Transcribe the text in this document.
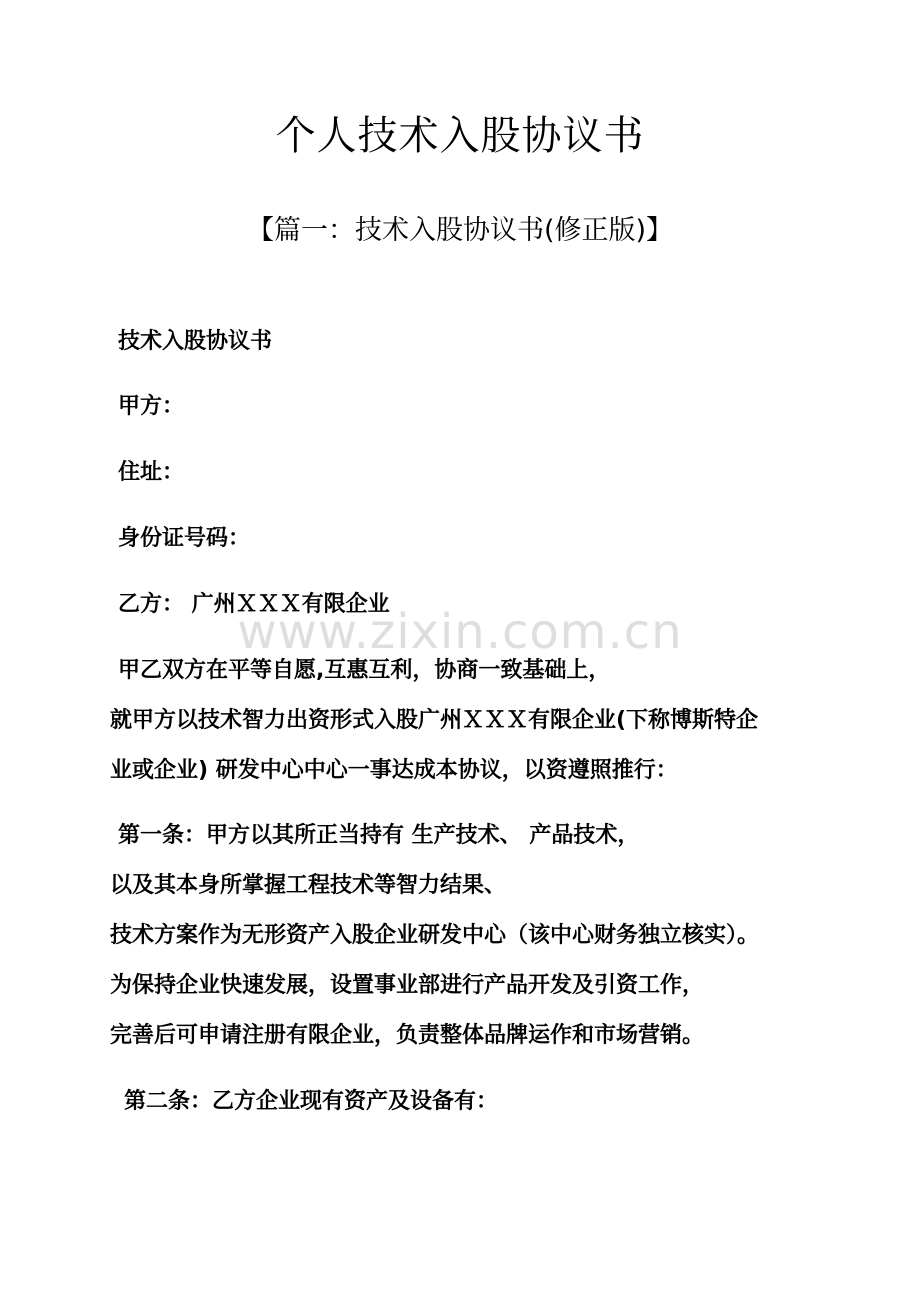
个人技术入股协议书
【篇一：技术入股协议书(修正版)】
技术入股协议书
甲方：
住址：
身份证号码：
乙方： 广州ＸＸＸ有限企业
甲乙双方在平等自愿,互惠互利，协商一致基础上，
就甲方以技术智力出资形式入股广州ＸＸＸ有限企业(下称博斯特企
业或企业) 研发中心中心一事达成本协议，以资遵照推行：
第一条：甲方以其所正当持有 生产技术、 产品技术，
以及其本身所掌握工程技术等智力结果、
技术方案作为无形资产入股企业研发中心（该中心财务独立核实）。
为保持企业快速发展，设置事业部进行产品开发及引资工作，
完善后可申请注册有限企业，负责整体品牌运作和市场营销。
第二条：乙方企业现有资产及设备有：
www.zixin.com.cn
